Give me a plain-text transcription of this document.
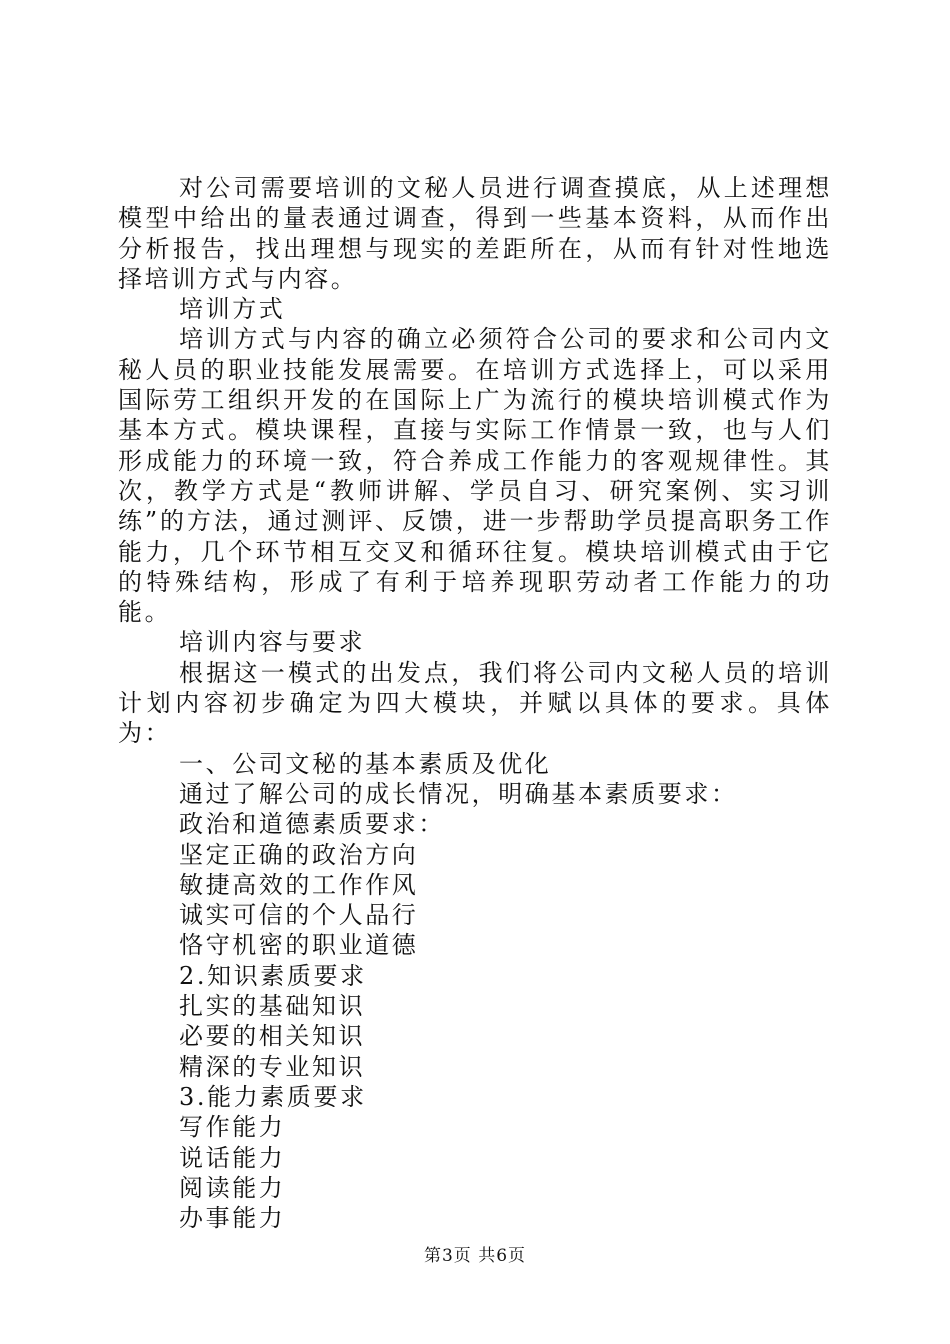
对公司需要培训的文秘人员进行调查摸底，从上述理想模型中给出的量表通过调查，得到一些基本资料，从而作出分析报告，找出理想与现实的差距所在，从而有针对性地选择培训方式与内容。

培训方式

培训方式与内容的确立必须符合公司的要求和公司内文秘人员的职业技能发展需要。在培训方式选择上，可以采用国际劳工组织开发的在国际上广为流行的模块培训模式作为基本方式。模块课程，直接与实际工作情景一致，也与人们形成能力的环境一致，符合养成工作能力的客观规律性。其次，教学方式是“教师讲解、学员自习、研究案例、实习训练”的方法，通过测评、反馈，进一步帮助学员提高职务工作能力，几个环节相互交叉和循环往复。模块培训模式由于它的特殊结构，形成了有利于培养现职劳动者工作能力的功能。

培训内容与要求

根据这一模式的出发点，我们将公司内文秘人员的培训计划内容初步确定为四大模块，并赋以具体的要求。具体为：

一、公司文秘的基本素质及优化

通过了解公司的成长情况，明确基本素质要求：

政治和道德素质要求：

坚定正确的政治方向

敏捷高效的工作作风

诚实可信的个人品行

恪守机密的职业道德

2.知识素质要求

扎实的基础知识

必要的相关知识

精深的专业知识

3.能力素质要求

写作能力

说话能力

阅读能力

办事能力

第3页 共6页
